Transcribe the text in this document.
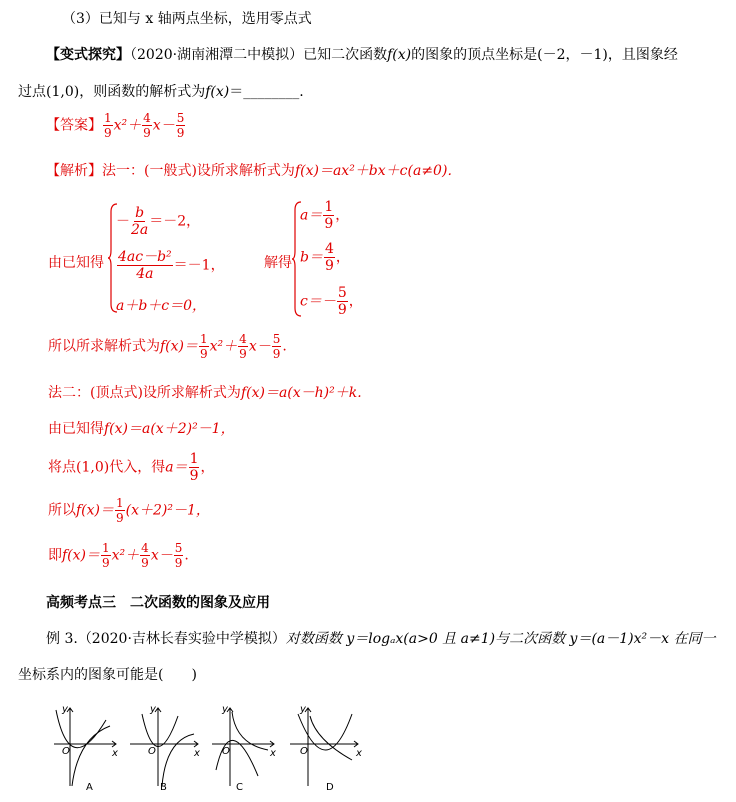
（3）已知与 x 轴两点坐标，选用零点式
【变式探究】（2020·湖南湘潭二中模拟）已知二次函数f(x)的图象的顶点坐标是(－2，－1)，且图象经
过点(1,0)，则函数的解析式为f(x)＝________.
【答案】 $\frac{1}{9} x^2+ \frac{4}{9} x- \frac{5}{9}$
【解析】法一：(一般式)设所求解析式为f(x)＝ax²＋bx＋c(a≠0)．
由已知得
－ $\frac{b}{2a} =-2$，
$\frac{\text{4ac－b²}}{4a} =-1$，
a＋b＋c＝0，
解得
$a= \frac{1}{9}$ ，
$b= \frac{4}{9}$ ，
$c=- \frac{5}{9}$ ，
所以所求解析式为$f(x)= \frac{1}{9} x^2+ \frac{4}{9} x- \frac{5}{9}$ .
法二：(顶点式)设所求解析式为f(x)＝a(x－h)²＋k.
由已知得f(x)＝a(x＋2)²－1，
将点(1,0)代入，得$a= \frac{1}{9}$ ，
所以$f(x)= \frac{1}{9} (x+2)^2-1$，
即$f(x)= \frac{1}{9} x^2+ \frac{4}{9} x- \frac{5}{9}$ .
高频考点三　二次函数的图象及应用
例 3.（2020·吉林长春实验中学模拟）对数函数 y＝logₐx(a>0 且 a≠1)与二次函数 y＝(a－1)x²－x 在同一
坐标系内的图象可能是(　　)
y
x
O
y
x
O
y
x
O
y
x
O
A	B	C	D
